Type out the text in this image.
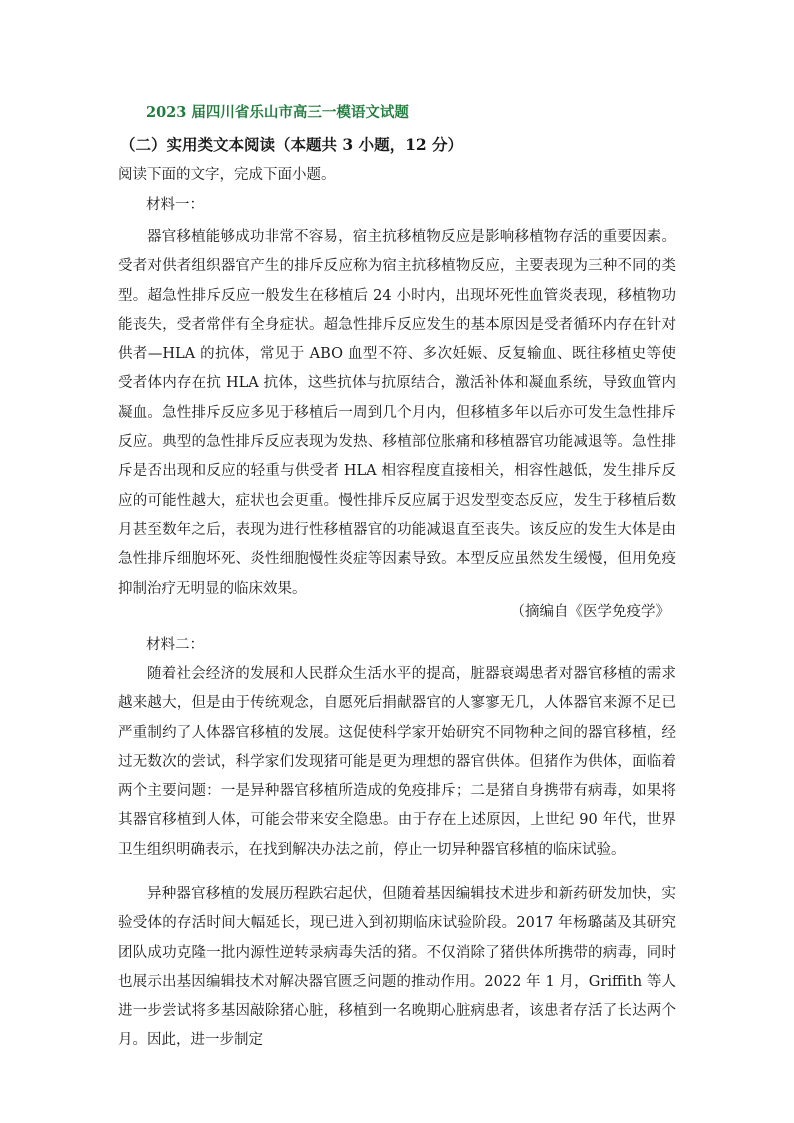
2023 届四川省乐山市高三一模语文试题
（二）实用类文本阅读（本题共 3 小题，12 分）
阅读下面的文字，完成下面小题。
材料一：

器官移植能够成功非常不容易，宿主抗移植物反应是影响移植物存活的重要因素。受者对供者组织器官产生的排斥反应称为宿主抗移植物反应，主要表现为三种不同的类型。超急性排斥反应一般发生在移植后 24 小时内，出现坏死性血管炎表现，移植物功能丧失，受者常伴有全身症状。超急性排斥反应发生的基本原因是受者循环内存在针对供者—HLA 的抗体，常见于 ABO 血型不符、多次妊娠、反复输血、既往移植史等使受者体内存在抗 HLA 抗体，这些抗体与抗原结合，激活补体和凝血系统，导致血管内凝血。急性排斥反应多见于移植后一周到几个月内，但移植多年以后亦可发生急性排斥反应。典型的急性排斥反应表现为发热、移植部位胀痛和移植器官功能减退等。急性排斥是否出现和反应的轻重与供受者 HLA 相容程度直接相关，相容性越低，发生排斥反应的可能性越大，症状也会更重。慢性排斥反应属于迟发型变态反应，发生于移植后数月甚至数年之后，表现为进行性移植器官的功能减退直至丧失。该反应的发生大体是由急性排斥细胞坏死、炎性细胞慢性炎症等因素导致。本型反应虽然发生缓慢，但用免疫抑制治疗无明显的临床效果。

（摘编自《医学免疫学》
材料二：

随着社会经济的发展和人民群众生活水平的提高，脏器衰竭患者对器官移植的需求越来越大，但是由于传统观念，自愿死后捐献器官的人寥寥无几，人体器官来源不足已严重制约了人体器官移植的发展。这促使科学家开始研究不同物种之间的器官移植，经过无数次的尝试，科学家们发现猪可能是更为理想的器官供体。但猪作为供体，面临着两个主要问题：一是异种器官移植所造成的免疫排斥；二是猪自身携带有病毒，如果将其器官移植到人体，可能会带来安全隐患。由于存在上述原因，上世纪 90 年代，世界卫生组织明确表示，在找到解决办法之前，停止一切异种器官移植的临床试验。

异种器官移植的发展历程跌宕起伏，但随着基因编辑技术进步和新药研发加快，实验受体的存活时间大幅延长，现已进入到初期临床试验阶段。2017 年杨璐菡及其研究团队成功克隆一批内源性逆转录病毒失活的猪。不仅消除了猪供体所携带的病毒，同时也展示出基因编辑技术对解决器官匮乏问题的推动作用。2022 年 1 月，Griffith 等人进一步尝试将多基因敲除猪心脏，移植到一名晚期心脏病患者，该患者存活了长达两个月。因此，进一步制定
